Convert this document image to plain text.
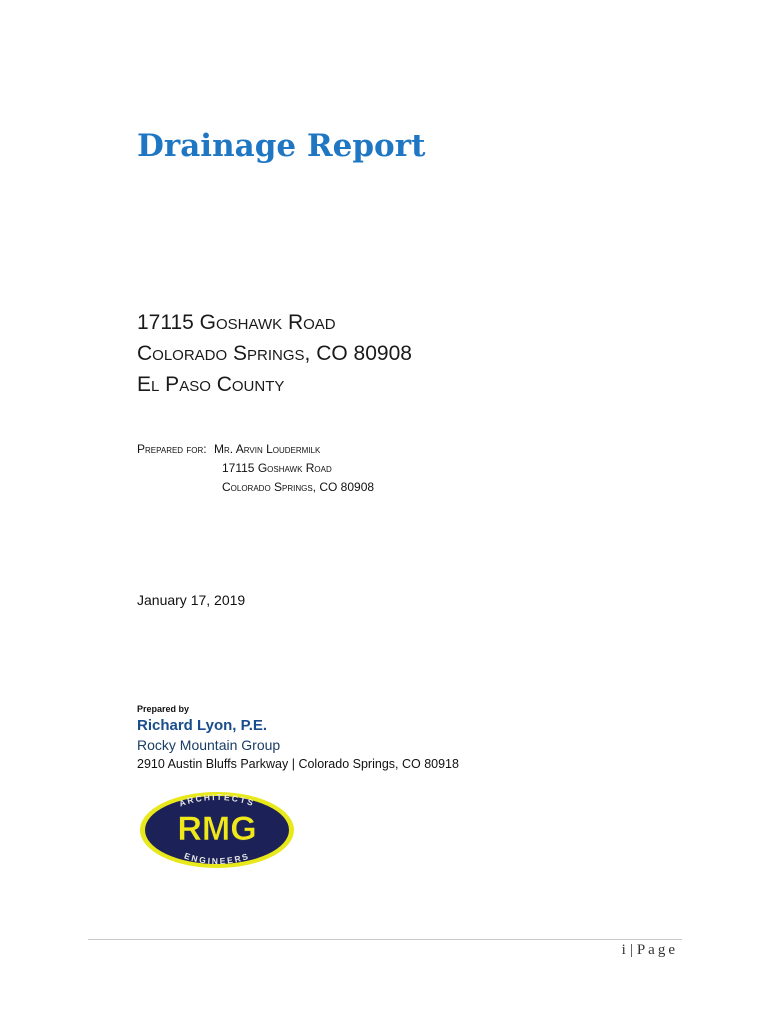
Drainage Report
17115 Goshawk Road
Colorado Springs, CO 80908
El Paso County
Prepared for: Mr. Arvin Loudermilk
17115 Goshawk Road
Colorado Springs, CO 80908
January 17, 2019
Prepared by
Richard Lyon, P.E.
Rocky Mountain Group
2910 Austin Bluffs Parkway | Colorado Springs, CO 80918
ARCHITECTS
RMG
ENGINEERS
i | Page
